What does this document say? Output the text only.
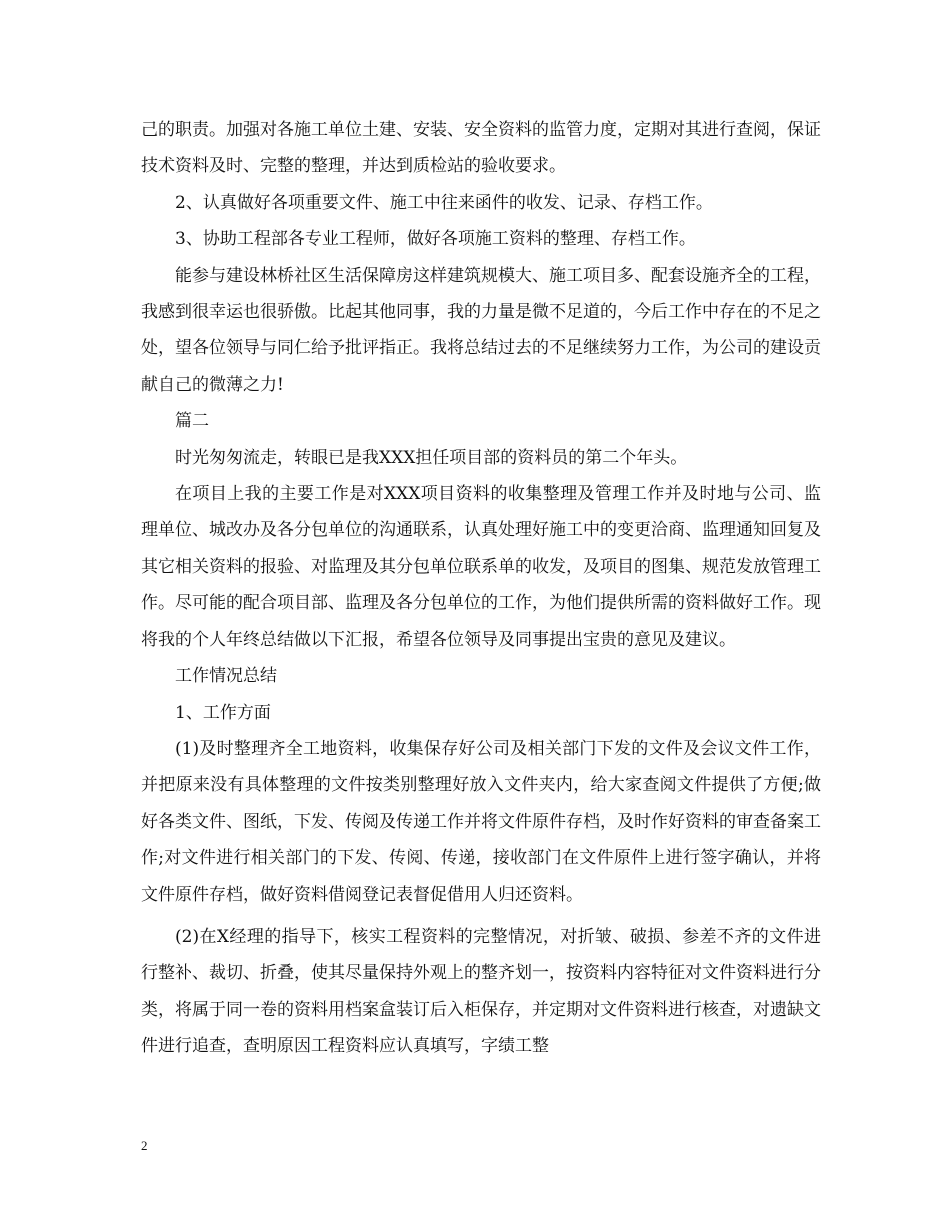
己的职责。加强对各施工单位土建、安装、安全资料的监管力度，定期对其进行查阅，保证技术资料及时、完整的整理，并达到质检站的验收要求。

2、认真做好各项重要文件、施工中往来函件的收发、记录、存档工作。

3、协助工程部各专业工程师，做好各项施工资料的整理、存档工作。

能参与建设林桥社区生活保障房这样建筑规模大、施工项目多、配套设施齐全的工程，我感到很幸运也很骄傲。比起其他同事，我的力量是微不足道的，今后工作中存在的不足之处，望各位领导与同仁给予批评指正。我将总结过去的不足继续努力工作，为公司的建设贡献自己的微薄之力!

篇二

时光匆匆流走，转眼已是我XXX担任项目部的资料员的第二个年头。

在项目上我的主要工作是对XXX项目资料的收集整理及管理工作并及时地与公司、监理单位、城改办及各分包单位的沟通联系，认真处理好施工中的变更洽商、监理通知回复及其它相关资料的报验、对监理及其分包单位联系单的收发，及项目的图集、规范发放管理工作。尽可能的配合项目部、监理及各分包单位的工作，为他们提供所需的资料做好工作。现将我的个人年终总结做以下汇报，希望各位领导及同事提出宝贵的意见及建议。

工作情况总结

1、工作方面

(1)及时整理齐全工地资料，收集保存好公司及相关部门下发的文件及会议文件工作，并把原来没有具体整理的文件按类别整理好放入文件夹内，给大家查阅文件提供了方便;做好各类文件、图纸，下发、传阅及传递工作并将文件原件存档，及时作好资料的审查备案工作;对文件进行相关部门的下发、传阅、传递，接收部门在文件原件上进行签字确认，并将文件原件存档，做好资料借阅登记表督促借用人归还资料。

(2)在X经理的指导下，核实工程资料的完整情况，对折皱、破损、参差不齐的文件进行整补、裁切、折叠，使其尽量保持外观上的整齐划一，按资料内容特征对文件资料进行分类，将属于同一卷的资料用档案盒装订后入柜保存，并定期对文件资料进行核查，对遗缺文件进行追查，查明原因工程资料应认真填写，字绩工整

2
